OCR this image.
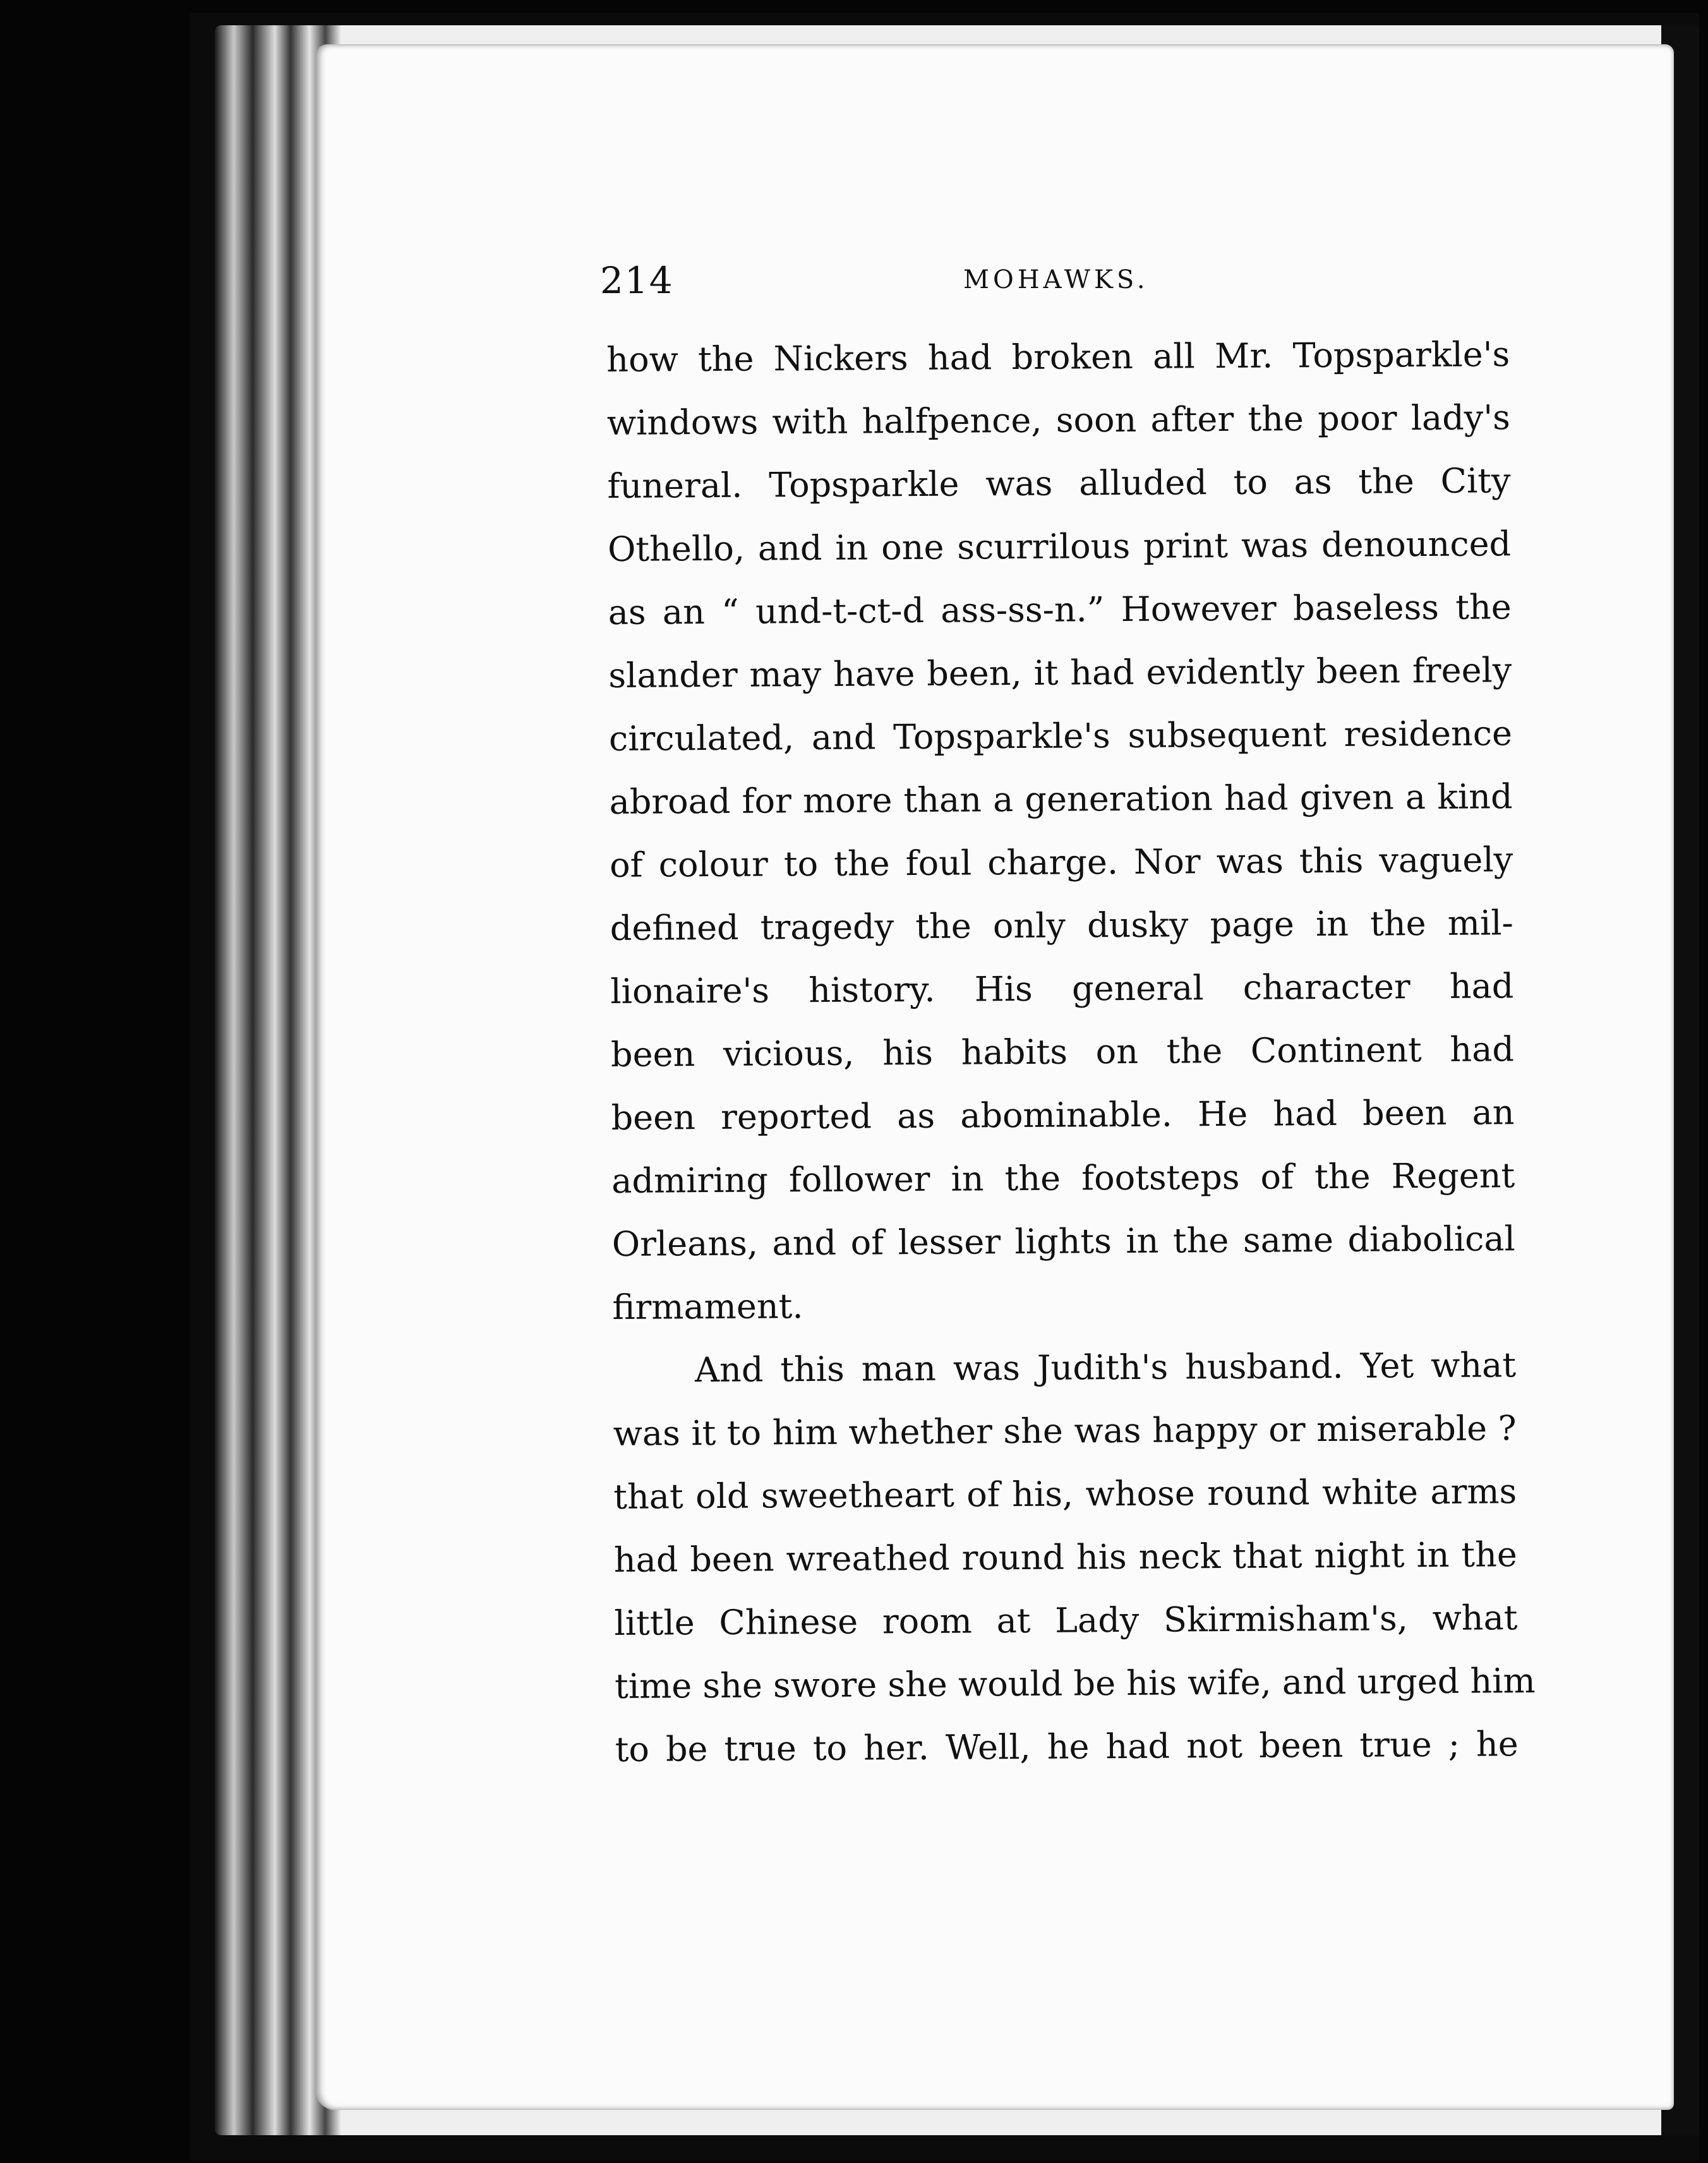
214	MOHAWKS.
how the Nickers had broken all Mr. Topsparkle's
windows with halfpence, soon after the poor lady's
funeral. Topsparkle was alluded to as the City
Othello, and in one scurrilous print was denounced
as an “ und-t-ct-d ass-ss-n.” However baseless the
slander may have been, it had evidently been freely
circulated, and Topsparkle's subsequent residence
abroad for more than a generation had given a kind
of colour to the foul charge. Nor was this vaguely
defined tragedy the only dusky page in the mil-
lionaire's history. His general character had
been vicious, his habits on the Continent had
been reported as abominable. He had been an
admiring follower in the footsteps of the Regent
Orleans, and of lesser lights in the same diabolical
firmament.
And this man was Judith's husband. Yet what
was it to him whether she was happy or miserable ?
that old sweetheart of his, whose round white arms
had been wreathed round his neck that night in the
little Chinese room at Lady Skirmisham's, what
time she swore she would be his wife, and urged him
to be true to her. Well, he had not been true ; he
